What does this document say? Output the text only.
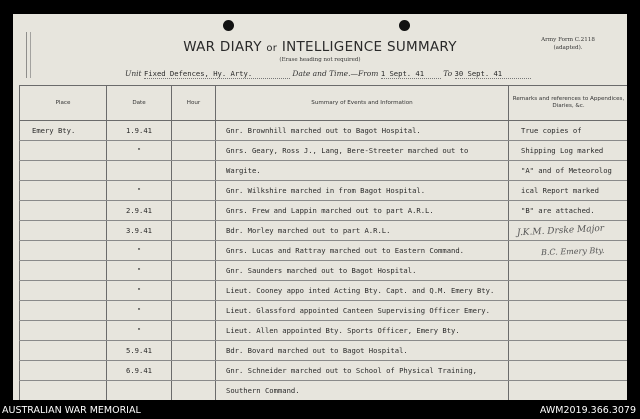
WAR DIARY or INTELLIGENCE SUMMARY
(Erase heading not required)
Army Form C.2118
(adapted).
Unit Fixed Defences, Hy. Arty.	Date and Time.—From 1 Sept. 41	To 30 Sept. 41
Place	Date	Hour	Summary of Events and Information	Remarks and references to Appendices, Diaries, &c.
Emery Bty.	1.9.41		Gnr. Brownhill marched out to Bagot Hospital.	True copies of
	"		Gnrs. Geary, Ross J., Lang, Bere-Streeter marched out to	Shipping Log marked
			Wargite.	"A" and of Meteorolog
	"		Gnr. Wilkshire marched in from Bagot Hospital.	ical Report marked
	2.9.41		Gnrs. Frew and Lappin marched out to part A.R.L.	"B" are attached.
	3.9.41		Bdr. Morley marched out to part A.R.L.	J.K.M. Drske Major
B.C. Emery Bty.

	"		Gnrs. Lucas and Rattray marched out to Eastern Command.	
	"		Gnr. Saunders marched out to Bagot Hospital.	
	"		Lieut. Cooney appo inted Acting Bty. Capt. and Q.M. Emery Bty.	
	"		Lieut. Glassford appointed Canteen Supervising Officer Emery.	
	"		Lieut. Allen appointed Bty. Sports Officer, Emery Bty.	
	5.9.41		Bdr. Bovard marched out to Bagot Hospital.	
	6.9.41		Gnr. Schneider marched out to School of Physical Training,	
			Southern Command.	
AUSTRALIAN WAR MEMORIAL	AWM2019.366.3079
